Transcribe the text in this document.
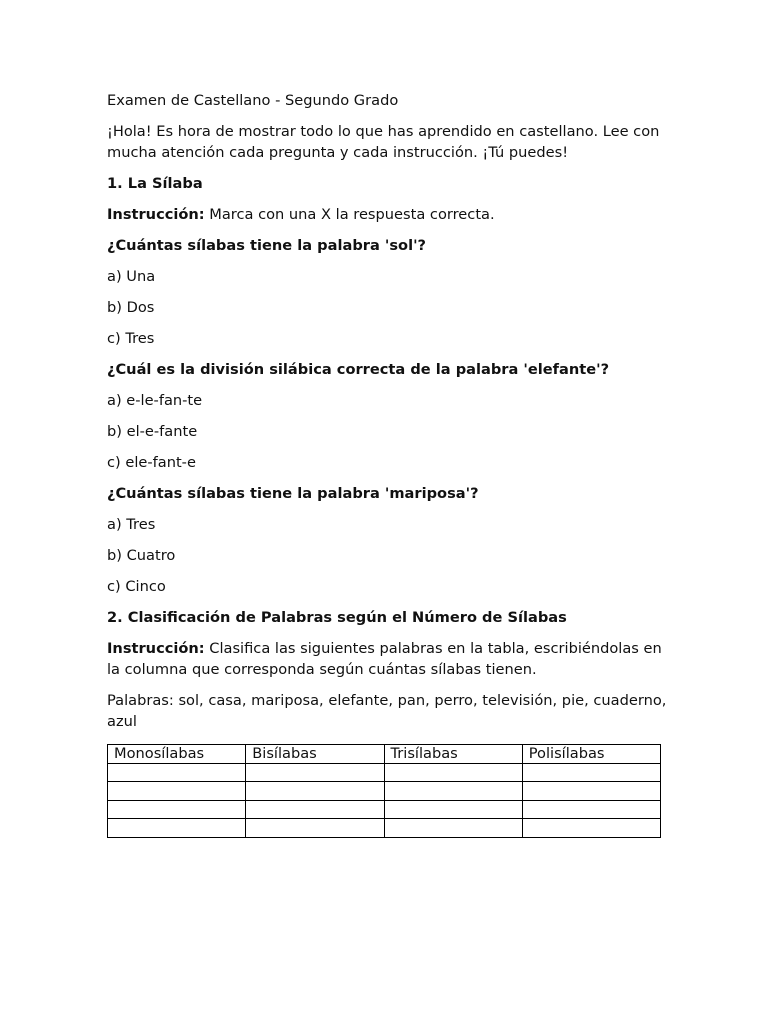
Examen de Castellano - Segundo Grado

¡Hola! Es hora de mostrar todo lo que has aprendido en castellano. Lee con mucha atención cada pregunta y cada instrucción. ¡Tú puedes!

1. La Sílaba

Instrucción: Marca con una X la respuesta correcta.

¿Cuántas sílabas tiene la palabra 'sol'?

a) Una

b) Dos

c) Tres

¿Cuál es la división silábica correcta de la palabra 'elefante'?

a) e-le-fan-te

b) el-e-fante

c) ele-fant-e

¿Cuántas sílabas tiene la palabra 'mariposa'?

a) Tres

b) Cuatro

c) Cinco

2. Clasificación de Palabras según el Número de Sílabas

Instrucción: Clasifica las siguientes palabras en la tabla, escribiéndolas en la columna que corresponda según cuántas sílabas tienen.

Palabras: sol, casa, mariposa, elefante, pan, perro, televisión, pie, cuaderno, azul

Monosílabas	Bisílabas	Trisílabas	Polisílabas
